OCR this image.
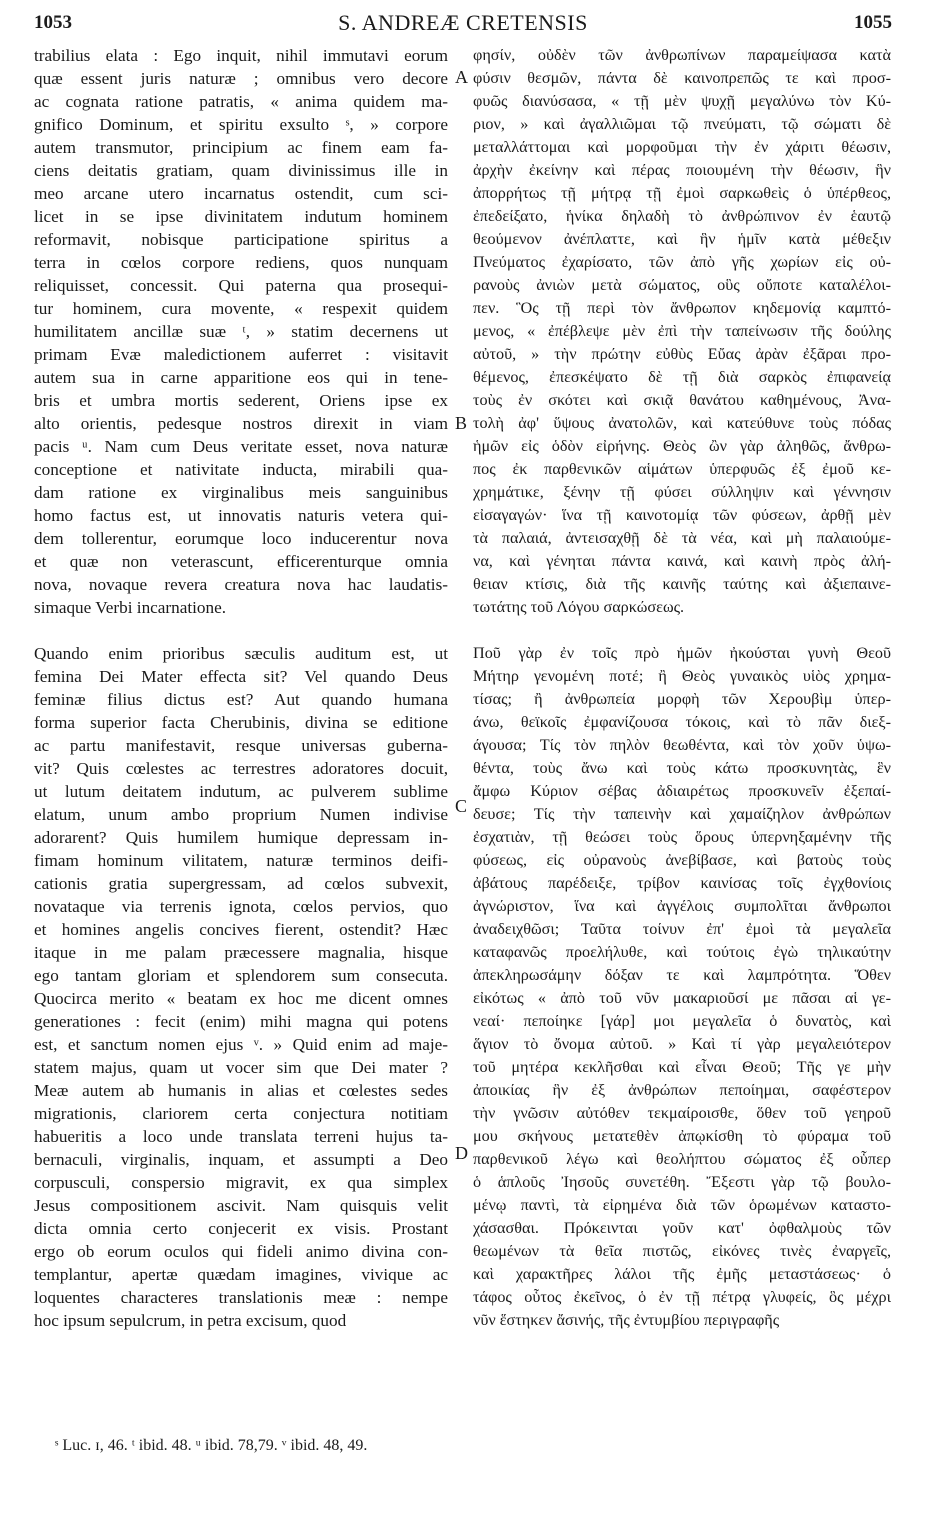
1053	S. ANDREÆ CRETENSIS	1055
trabilius elata : Ego inquit, nihil immutavi eorum
quæ essent juris naturæ ; omnibus vero decore
ac cognata ratione patratis, « anima quidem ma-
gnifico Dominum, et spiritu exsulto ˢ, » corpore
autem transmutor, principium ac finem eam fa-
ciens deitatis gratiam, quam divinissimus ille in
meo arcane utero incarnatus ostendit, cum sci-
licet in se ipse divinitatem indutum hominem
reformavit, nobisque participatione spiritus a
terra in cœlos corpore rediens, quos nunquam
reliquisset, concessit. Qui paterna qua prosequi-
tur hominem, cura movente, « respexit quidem
humilitatem ancillæ suæ ᵗ, » statim decernens ut
primam Evæ maledictionem auferret : visitavit
autem sua in carne apparitione eos qui in tene-
bris et umbra mortis sederent, Oriens ipse ex
alto orientis, pedesque nostros direxit in viam
pacis ᵘ. Nam cum Deus veritate esset, nova naturæ
conceptione et nativitate inducta, mirabili qua-
dam ratione ex virginalibus meis sanguinibus
homo factus est, ut innovatis naturis vetera qui-
dem tollerentur, eorumque loco inducerentur nova
et quæ non veterascunt, efficerenturque omnia
nova, novaque revera creatura nova hac laudatis-
simaque Verbi incarnatione.
Quando enim prioribus sæculis auditum est, ut
femina Dei Mater effecta sit? Vel quando Deus
feminæ filius dictus est? Aut quando humana
forma superior facta Cherubinis, divina se editione
ac partu manifestavit, resque universas guberna-
vit? Quis cœlestes ac terrestres adoratores docuit,
ut lutum deitatem indutum, ac pulverem sublime
elatum, unum ambo proprium Numen indivise
adorarent? Quis humilem humique depressam in-
fimam hominum vilitatem, naturæ terminos deifi-
cationis gratia supergressam, ad cœlos subvexit,
novataque via terrenis ignota, cœlos pervios, quo
et homines angelis concives fierent, ostendit? Hæc
itaque in me palam præcessere magnalia, hisque
ego tantam gloriam et splendorem sum consecuta.
Quocirca merito « beatam ex hoc me dicent omnes
generationes : fecit (enim) mihi magna qui potens
est, et sanctum nomen ejus ᵛ. » Quid enim ad maje-
statem majus, quam ut vocer sim que Dei mater ?
Meæ autem ab humanis in alias et cœlestes sedes
migrationis, clariorem certa conjectura notitiam
habueritis a loco unde translata terreni hujus ta-
bernaculi, virginalis, inquam, et assumpti a Deo
corpusculi, conspersio migravit, ex qua simplex
Jesus compositionem ascivit. Nam quisquis velit
dicta omnia certo conjecerit ex visis. Prostant
ergo ob eorum oculos qui fideli animo divina con-
templantur, apertæ quædam imagines, vivique ac
loquentes characteres translationis meæ : nempe
hoc ipsum sepulcrum, in petra excisum, quod
φησίν, οὐδὲν τῶν ἀνθρωπίνων παραμείψασα κατὰ
φύσιν θεσμῶν, πάντα δὲ καινοπρεπῶς τε καὶ προσ-
φυῶς διανύσασα, « τῇ μὲν ψυχῇ μεγαλύνω τὸν Κύ-
ριον, » καὶ ἀγαλλιῶμαι τῷ πνεύματι, τῷ σώματι δὲ
μεταλλάττομαι καὶ μορφοῦμαι τὴν ἐν χάριτι θέωσιν,
ἀρχὴν ἐκείνην καὶ πέρας ποιουμένη τὴν θέωσιν, ἣν
ἀπορρήτως τῇ μήτρᾳ τῇ ἐμοὶ σαρκωθεὶς ὁ ὑπέρθεος,
ἐπεδείξατο, ἡνίκα δηλαδὴ τὸ ἀνθρώπινον ἐν ἑαυτῷ
θεούμενον ἀνέπλαττε, καὶ ἣν ἡμῖν κατὰ μέθεξιν
Πνεύματος ἐχαρίσατο, τῶν ἀπὸ γῆς χωρίων εἰς οὐ-
ρανοὺς ἀνιὼν μετὰ σώματος, οὓς οὔποτε καταλέλοι-
πεν. Ὃς τῇ περὶ τὸν ἄνθρωπον κηδεμονίᾳ καμπτό-
μενος, « ἐπέβλεψε μὲν ἐπὶ τὴν ταπείνωσιν τῆς δούλης
αὐτοῦ, » τὴν πρώτην εὐθὺς Εὔας ἀρὰν ἐξᾶραι προ-
θέμενος, ἐπεσκέψατο δὲ τῇ διὰ σαρκὸς ἐπιφανείᾳ
τοὺς ἐν σκότει καὶ σκιᾷ θανάτου καθημένους, Ἀνα-
τολὴ ἀφ' ὕψους ἀνατολῶν, καὶ κατεύθυνε τοὺς πόδας
ἡμῶν εἰς ὁδὸν εἰρήνης. Θεὸς ὢν γὰρ ἀληθῶς, ἄνθρω-
πος ἐκ παρθενικῶν αἱμάτων ὑπερφυῶς ἐξ ἐμοῦ κε-
χρημάτικε, ξένην τῇ φύσει σύλληψιν καὶ γέννησιν
εἰσαγαγών· ἵνα τῇ καινοτομίᾳ τῶν φύσεων, ἀρθῇ μὲν
τὰ παλαιά, ἀντεισαχθῇ δὲ τὰ νέα, καὶ μὴ παλαιούμε-
να, καὶ γένηται πάντα καινά, καὶ καινὴ πρὸς ἀλή-
θειαν κτίσις, διὰ τῆς καινῆς ταύτης καὶ ἀξιεπαινε-
τωτάτης τοῦ Λόγου σαρκώσεως.
Ποῦ γὰρ ἐν τοῖς πρὸ ἡμῶν ἠκούσται γυνὴ Θεοῦ
Μήτηρ γενομένη ποτέ; ἢ Θεὸς γυναικὸς υἱὸς χρημα-
τίσας; ἢ ἀνθρωπεία μορφὴ τῶν Χερουβὶμ ὑπερ-
άνω, θεϊκοῖς ἐμφανίζουσα τόκοις, καὶ τὸ πᾶν διεξ-
άγουσα; Τίς τὸν πηλὸν θεωθέντα, καὶ τὸν χοῦν ὑψω-
θέντα, τοὺς ἄνω καὶ τοὺς κάτω προσκυνητὰς, ἓν
ἄμφω Κύριον σέβας ἀδιαιρέτως προσκυνεῖν ἐξεπαί-
δευσε; Τίς τὴν ταπεινὴν καὶ χαμαίζηλον ἀνθρώπων
ἐσχατιὰν, τῇ θεώσει τοὺς ὅρους ὑπερνηξαμένην τῆς
φύσεως, εἰς οὐρανοὺς ἀνεβίβασε, καὶ βατοὺς τοὺς
ἀβάτους παρέδειξε, τρίβον καινίσας τοῖς ἐγχθονίοις
ἀγνώριστον, ἵνα καὶ ἀγγέλοις συμπολῖται ἄνθρωποι
ἀναδειχθῶσι; Ταῦτα τοίνυν ἐπ' ἐμοὶ τὰ μεγαλεῖα
καταφανῶς προελήλυθε, καὶ τούτοις ἐγὼ τηλικαύτην
ἀπεκληρωσάμην δόξαν τε καὶ λαμπρότητα. Ὅθεν
εἰκότως « ἀπὸ τοῦ νῦν μακαριοῦσί με πᾶσαι αἱ γε-
νεαί· πεποίηκε [γάρ] μοι μεγαλεῖα ὁ δυνατὸς, καὶ
ἅγιον τὸ ὄνομα αὐτοῦ. » Καὶ τί γὰρ μεγαλειότερον
τοῦ μητέρα κεκλῆσθαι καὶ εἶναι Θεοῦ; Τῆς γε μὴν
ἀποικίας ἣν ἐξ ἀνθρώπων πεποίημαι, σαφέστερον
τὴν γνῶσιν αὐτόθεν τεκμαίροισθε, ὅθεν τοῦ γεηροῦ
μου σκήνους μετατεθὲν ἀπῳκίσθη τὸ φύραμα τοῦ
παρθενικοῦ λέγω καὶ θεολήπτου σώματος ἐξ οὗπερ
ὁ ἁπλοῦς Ἰησοῦς συνετέθη. Ἔξεστι γὰρ τῷ βουλο-
μένῳ παντὶ, τὰ εἰρημένα διὰ τῶν ὁρωμένων καταστο-
χάσασθαι. Πρόκεινται γοῦν κατ' ὀφθαλμοὺς τῶν
θεωμένων τὰ θεῖα πιστῶς, εἰκόνες τινὲς ἐναργεῖς,
καὶ χαρακτῆρες λάλοι τῆς ἐμῆς μεταστάσεως· ὁ
τάφος οὗτος ἐκεῖνος, ὁ ἐν τῇ πέτρᾳ γλυφείς, ὃς μέχρι
νῦν ἕστηκεν ἄσινής, τῆς ἐντυμβίου περιγραφῆς
A
B
C
D
ˢ Luc. ɪ, 46. ᵗ ibid. 48. ᵘ ibid. 78,79. ᵛ ibid. 48, 49.
